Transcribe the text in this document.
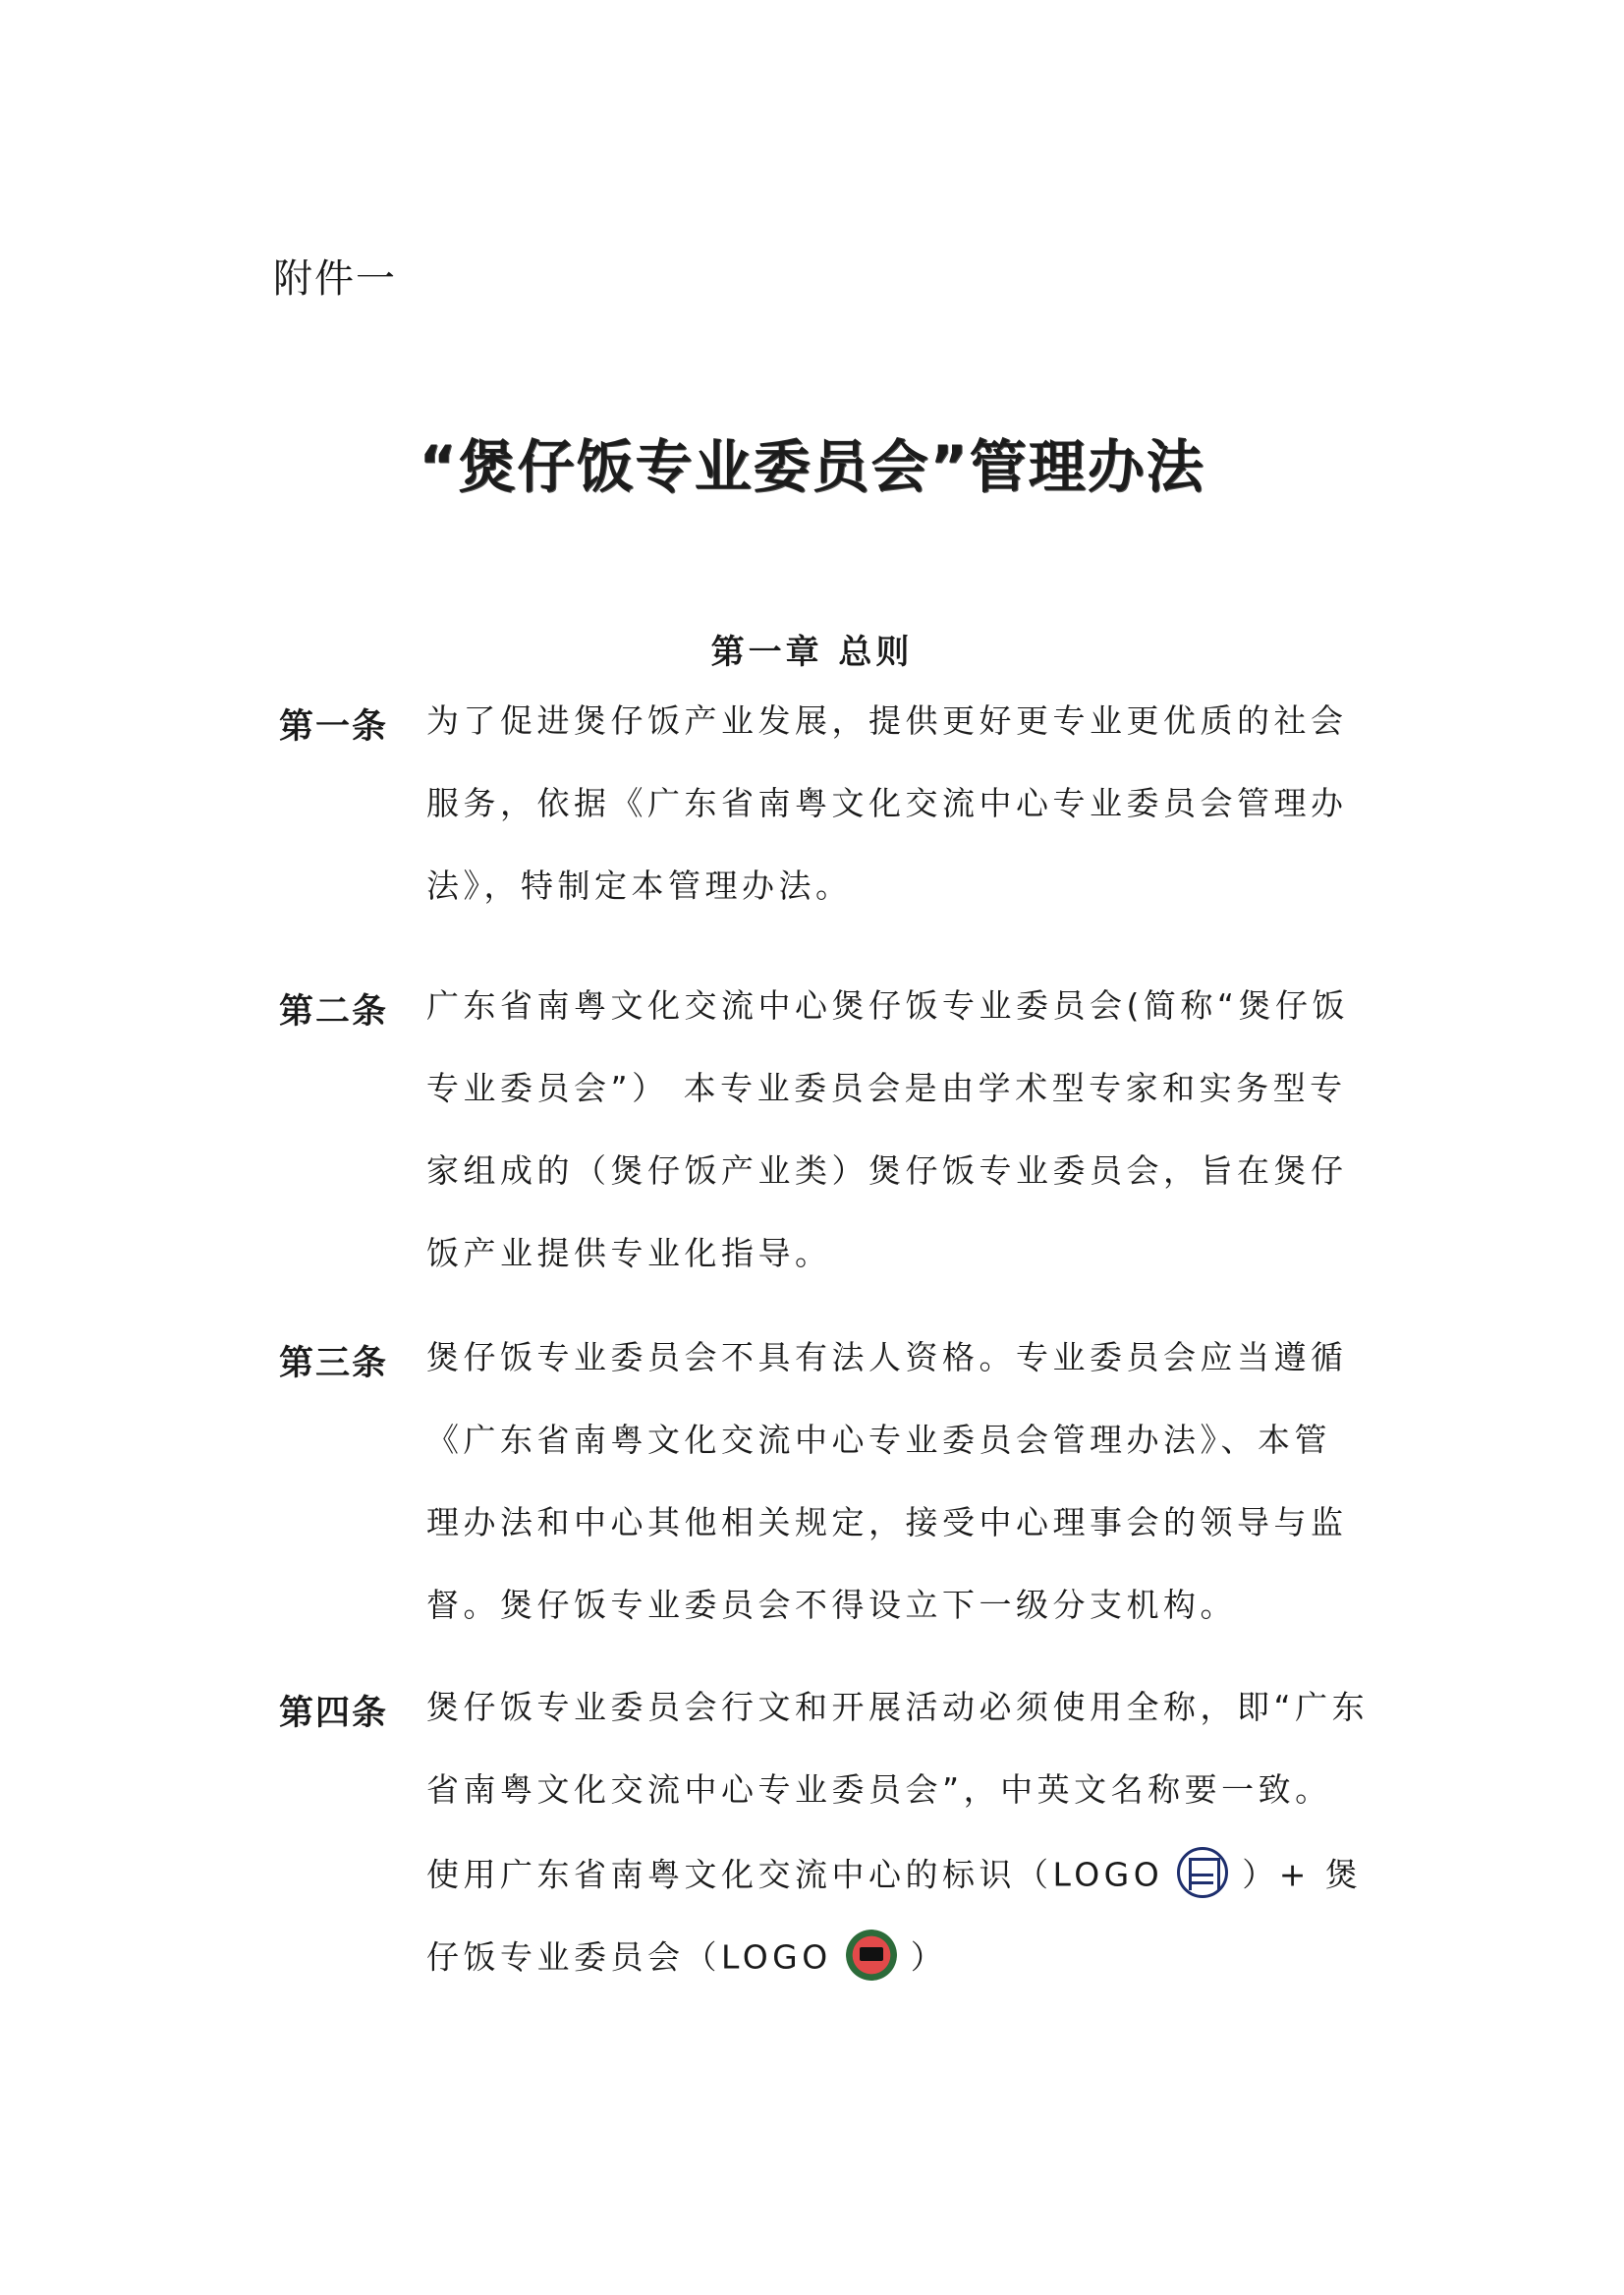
附件一
“煲仔饭专业委员会”管理办法
第一章 总则
第一条 为了促进煲仔饭产业发展，提供更好更专业更优质的社会
服务，依据《广东省南粤文化交流中心专业委员会管理办
法》，特制定本管理办法。
第二条 广东省南粤文化交流中心煲仔饭专业委员会(简称“煲仔饭
专业委员会”） 本专业委员会是由学术型专家和实务型专
家组成的（煲仔饭产业类）煲仔饭专业委员会，旨在煲仔
饭产业提供专业化指导。
第三条 煲仔饭专业委员会不具有法人资格。专业委员会应当遵循
《广东省南粤文化交流中心专业委员会管理办法》、本管
理办法和中心其他相关规定，接受中心理事会的领导与监
督。煲仔饭专业委员会不得设立下一级分支机构。
第四条 煲仔饭专业委员会行文和开展活动必须使用全称，即“广东
省南粤文化交流中心专业委员会”，中英文名称要一致。
使用广东省南粤文化交流中心的标识（LOGO ）+ 煲
仔饭专业委员会（LOGO ）
